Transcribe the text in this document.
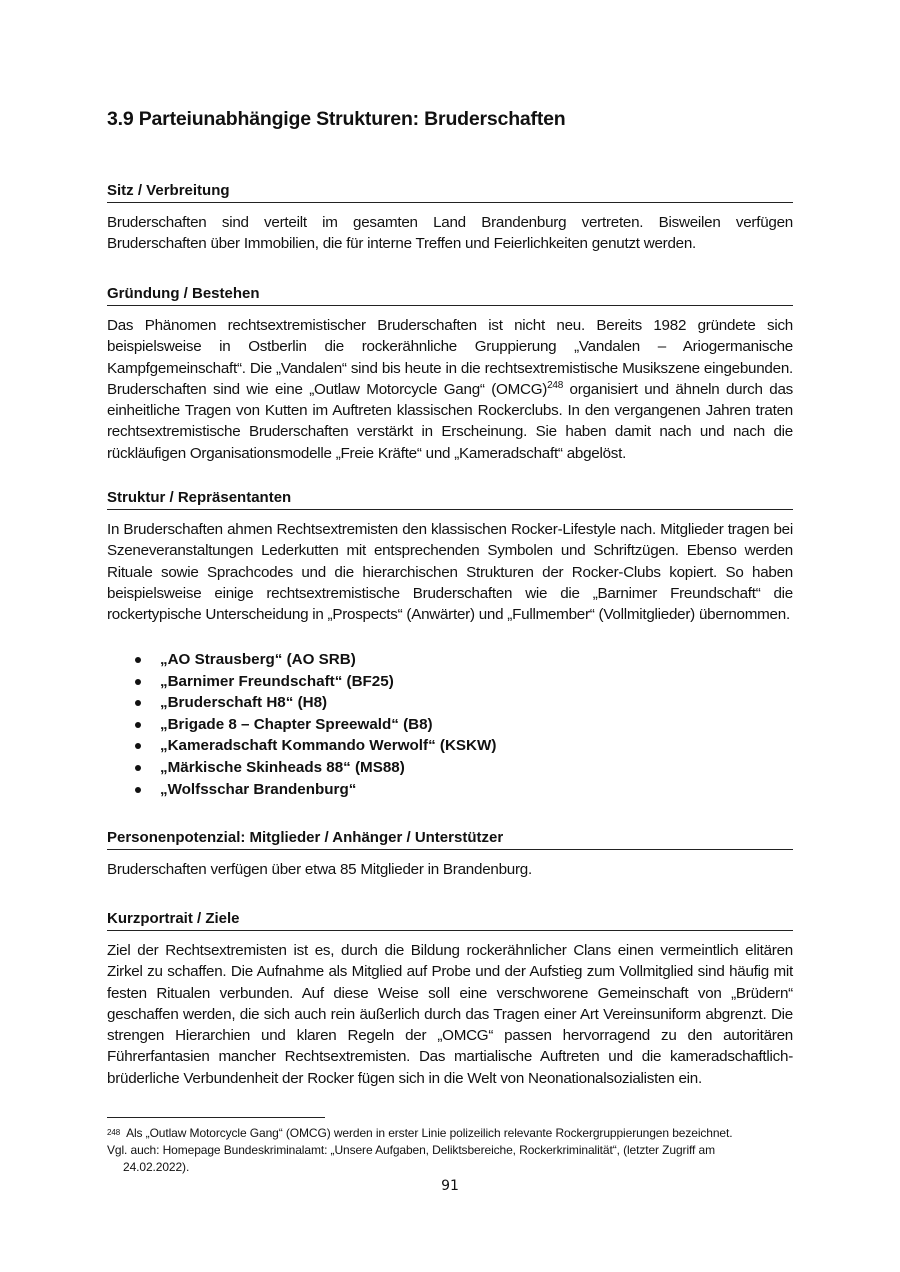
3.9 Parteiunabhängige Strukturen: Bruderschaften
Sitz / Verbreitung

Bruderschaften sind verteilt im gesamten Land Brandenburg vertreten. Bisweilen verfügen Bruderschaften über Immobilien, die für interne Treffen und Feierlichkeiten genutzt werden.

Gründung / Bestehen

Das Phänomen rechtsextremistischer Bruderschaften ist nicht neu. Bereits 1982 gründete sich beispielsweise in Ostberlin die rockerähnliche Gruppierung „Vandalen – Ariogermanische Kampfgemeinschaft“. Die „Vandalen“ sind bis heute in die rechtsextremistische Musikszene eingebunden. Bruderschaften sind wie eine „Outlaw Motorcycle Gang“ (OMCG)$^{248}$ organisiert und ähneln durch das einheitliche Tragen von Kutten im Auftreten klassischen Rockerclubs. In den vergangenen Jahren traten rechtsextremistische Bruderschaften verstärkt in Erscheinung. Sie haben damit nach und nach die rückläufigen Organisationsmodelle „Freie Kräfte“ und „Kameradschaft“ abgelöst.

Struktur / Repräsentanten

In Bruderschaften ahmen Rechtsextremisten den klassischen Rocker-Lifestyle nach. Mitglieder tragen bei Szeneveranstaltungen Lederkutten mit entsprechenden Symbolen und Schriftzügen. Ebenso werden Rituale sowie Sprachcodes und die hierarchischen Strukturen der Rocker-Clubs kopiert. So haben beispielsweise einige rechtsextremistische Bruderschaften wie die „Barnimer Freundschaft“ die rockertypische Unterscheidung in „Prospects“ (Anwärter) und „Fullmember“ (Vollmitglieder) übernommen.

„AO Strausberg“ (AO SRB)
„Barnimer Freundschaft“ (BF25)
„Bruderschaft H8“ (H8)
„Brigade 8 – Chapter Spreewald“ (B8)
„Kameradschaft Kommando Werwolf“ (KSKW)
„Märkische Skinheads 88“ (MS88)
„Wolfsschar Brandenburg“
Personenpotenzial: Mitglieder / Anhänger / Unterstützer

Bruderschaften verfügen über etwa 85 Mitglieder in Brandenburg.

Kurzportrait / Ziele

Ziel der Rechtsextremisten ist es, durch die Bildung rockerähnlicher Clans einen vermeintlich elitären Zirkel zu schaffen. Die Aufnahme als Mitglied auf Probe und der Aufstieg zum Vollmitglied sind häufig mit festen Ritualen verbunden. Auf diese Weise soll eine verschworene Gemeinschaft von „Brüdern“ geschaffen werden, die sich auch rein äußerlich durch das Tragen einer Art Vereinsuniform abgrenzt. Die strengen Hierarchien und klaren Regeln der „OMCG“ passen hervorragend zu den autoritären Führerfantasien mancher Rechtsextremisten. Das martialische Auftreten und die kameradschaftlich-brüderliche Verbundenheit der Rocker fügen sich in die Welt von Neonationalsozialisten ein.

$^{248}$ Als „Outlaw Motorcycle Gang“ (OMCG) werden in erster Linie polizeilich relevante Rockergruppierungen bezeichnet.
Vgl. auch: Homepage Bundeskriminalamt: „Unsere Aufgaben, Deliktsbereiche, Rockerkriminalität“, (letzter Zugriff am
24.02.2022).
91
